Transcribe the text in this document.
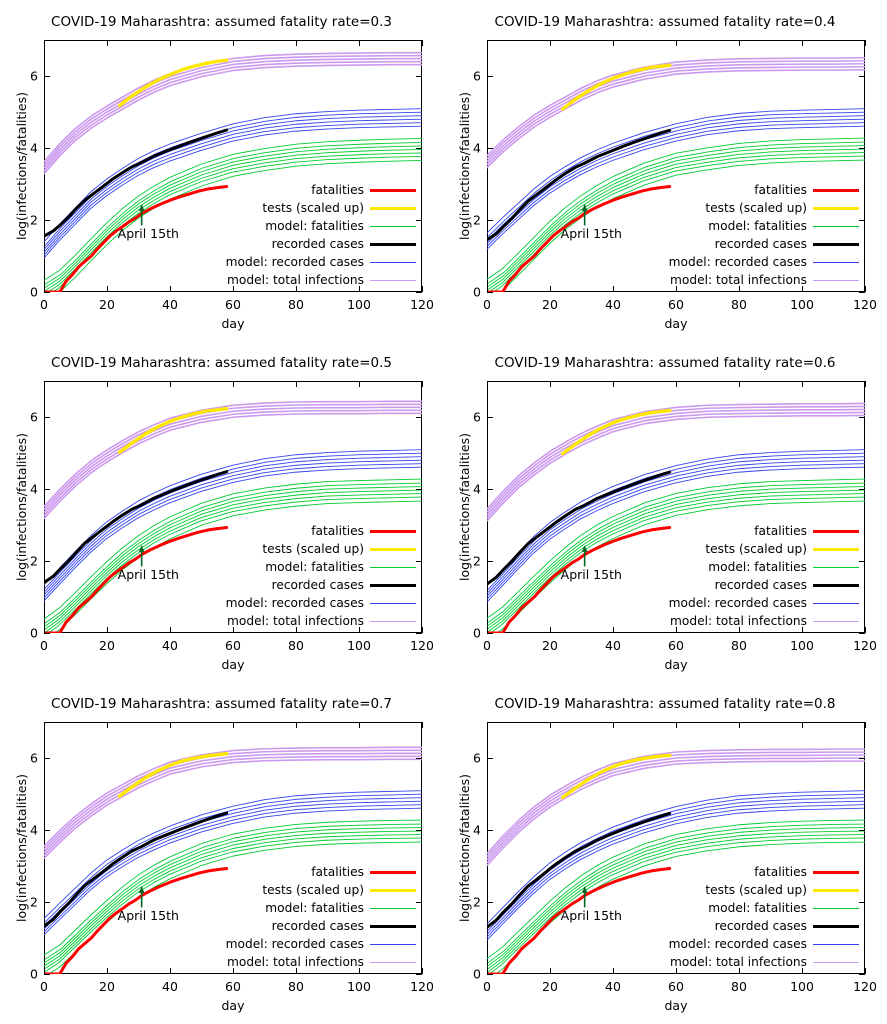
COVID-19 Maharashtra: assumed fatality rate=0.3
0	20	40	60	80	100	120
0
2
4
6
April 15th
fatalities
tests (scaled up)
model: fatalities
recorded cases
model: recorded cases
model: total infections
log(infections/fatalities)
day
COVID-19 Maharashtra: assumed fatality rate=0.4
0	20	40	60	80	100	120
0
2
4
6
April 15th
fatalities
tests (scaled up)
model: fatalities
recorded cases
model: recorded cases
model: total infections
log(infections/fatalities)
day
COVID-19 Maharashtra: assumed fatality rate=0.5
0	20	40	60	80	100	120
0
2
4
6
April 15th
fatalities
tests (scaled up)
model: fatalities
recorded cases
model: recorded cases
model: total infections
log(infections/fatalities)
day
COVID-19 Maharashtra: assumed fatality rate=0.6
0	20	40	60	80	100	120
0
2
4
6
April 15th
fatalities
tests (scaled up)
model: fatalities
recorded cases
model: recorded cases
model: total infections
log(infections/fatalities)
day
COVID-19 Maharashtra: assumed fatality rate=0.7
0	20	40	60	80	100	120
0
2
4
6
April 15th
fatalities
tests (scaled up)
model: fatalities
recorded cases
model: recorded cases
model: total infections
log(infections/fatalities)
day
COVID-19 Maharashtra: assumed fatality rate=0.8
0	20	40	60	80	100	120
0
2
4
6
April 15th
fatalities
tests (scaled up)
model: fatalities
recorded cases
model: recorded cases
model: total infections
log(infections/fatalities)
day
